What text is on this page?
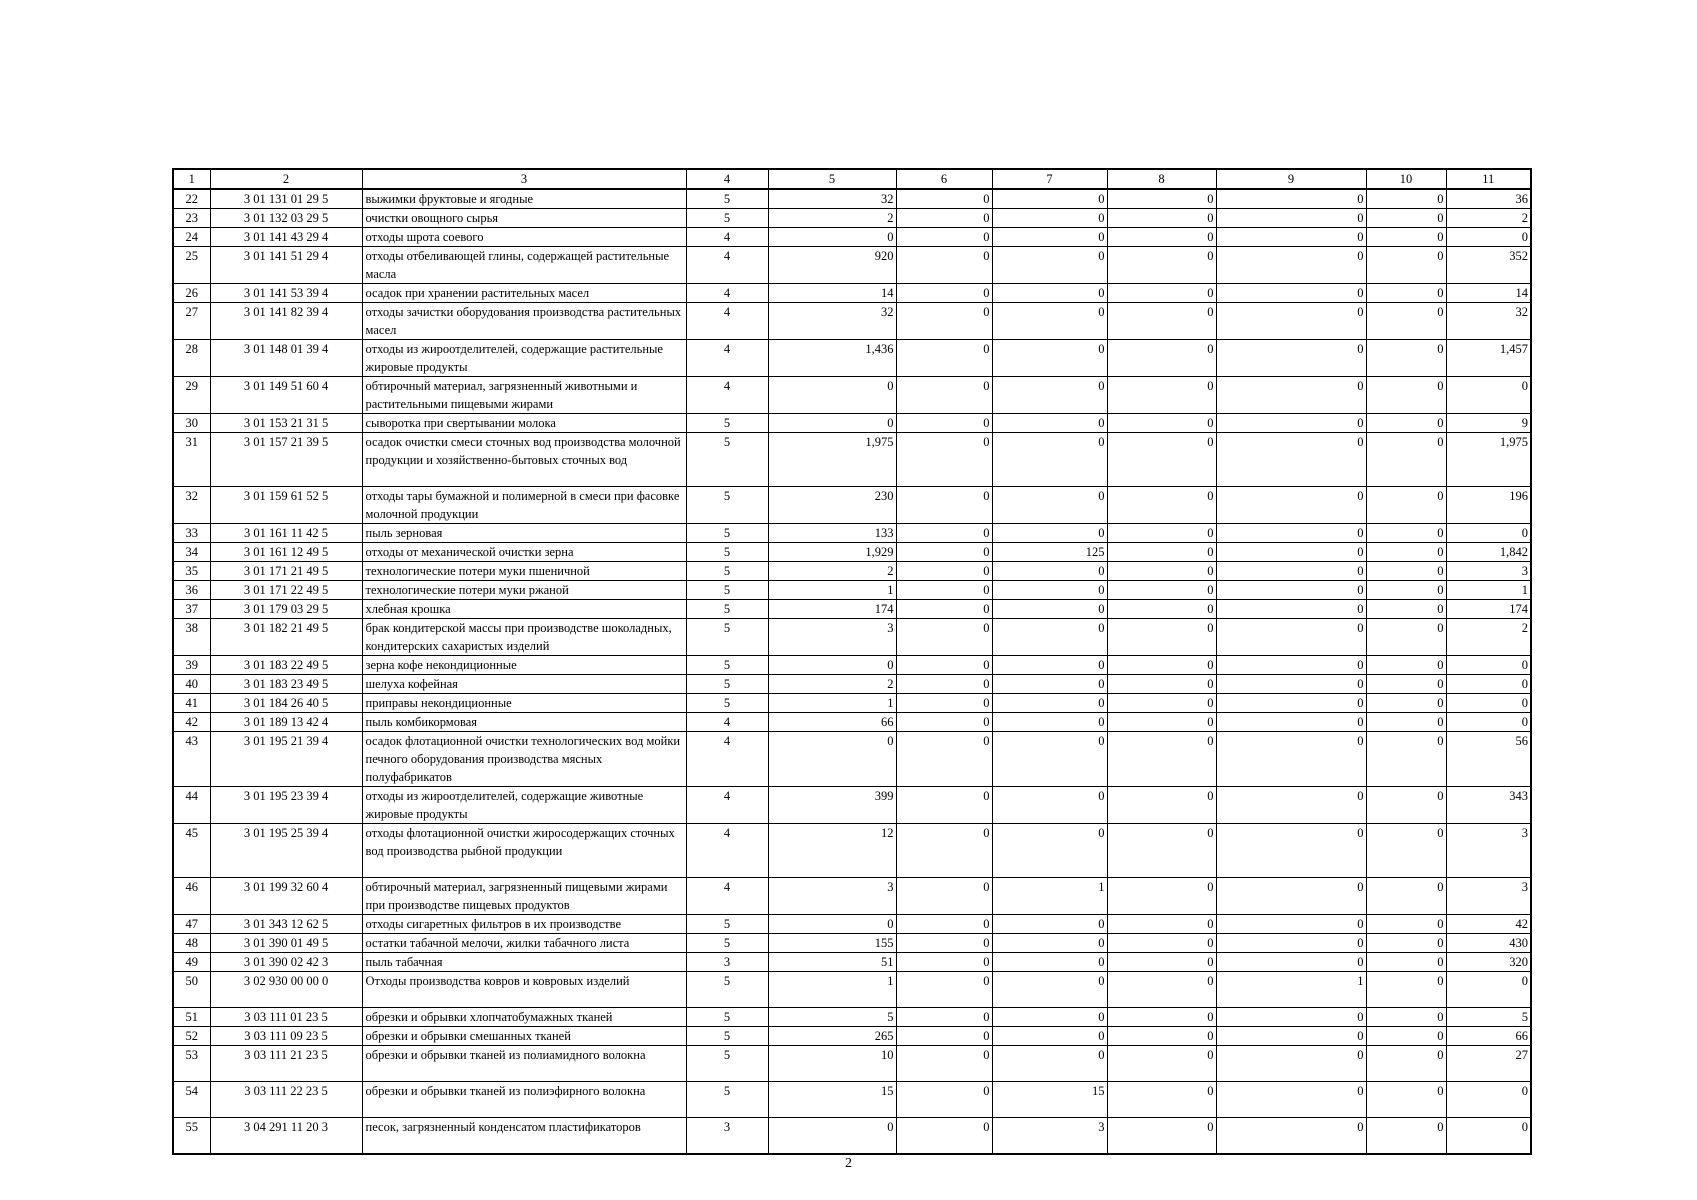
1	2	3	4	5	6	7	8	9	10	11
22	3 01 131 01 29 5	выжимки фруктовые и ягодные	5	32	0	0	0	0	0	36
23	3 01 132 03 29 5	очистки овощного сырья	5	2	0	0	0	0	0	2
24	3 01 141 43 29 4	отходы шрота соевого	4	0	0	0	0	0	0	0
25	3 01 141 51 29 4	отходы отбеливающей глины, содержащей растительные масла	4	920	0	0	0	0	0	352
26	3 01 141 53 39 4	осадок при хранении растительных масел	4	14	0	0	0	0	0	14
27	3 01 141 82 39 4	отходы зачистки оборудования производства растительных масел	4	32	0	0	0	0	0	32
28	3 01 148 01 39 4	отходы из жироотделителей, содержащие растительные жировые продукты	4	1,436	0	0	0	0	0	1,457
29	3 01 149 51 60 4	обтирочный материал, загрязненный животными и растительными пищевыми жирами	4	0	0	0	0	0	0	0
30	3 01 153 21 31 5	сыворотка при свертывании молока	5	0	0	0	0	0	0	9
31	3 01 157 21 39 5	осадок очистки смеси сточных вод производства молочной продукции и хозяйственно-бытовых сточных вод	5	1,975	0	0	0	0	0	1,975
32	3 01 159 61 52 5	отходы тары бумажной и полимерной в смеси при фасовке молочной продукции	5	230	0	0	0	0	0	196
33	3 01 161 11 42 5	пыль зерновая	5	133	0	0	0	0	0	0
34	3 01 161 12 49 5	отходы от механической очистки зерна	5	1,929	0	125	0	0	0	1,842
35	3 01 171 21 49 5	технологические потери муки пшеничной	5	2	0	0	0	0	0	3
36	3 01 171 22 49 5	технологические потери муки ржаной	5	1	0	0	0	0	0	1
37	3 01 179 03 29 5	хлебная крошка	5	174	0	0	0	0	0	174
38	3 01 182 21 49 5	брак кондитерской массы при производстве шоколадных, кондитерских сахаристых изделий	5	3	0	0	0	0	0	2
39	3 01 183 22 49 5	зерна кофе некондиционные	5	0	0	0	0	0	0	0
40	3 01 183 23 49 5	шелуха кофейная	5	2	0	0	0	0	0	0
41	3 01 184 26 40 5	приправы некондиционные	5	1	0	0	0	0	0	0
42	3 01 189 13 42 4	пыль комбикормовая	4	66	0	0	0	0	0	0
43	3 01 195 21 39 4	осадок флотационной очистки технологических вод мойки печного оборудования производства мясных полуфабрикатов	4	0	0	0	0	0	0	56
44	3 01 195 23 39 4	отходы из жироотделителей, содержащие животные жировые продукты	4	399	0	0	0	0	0	343
45	3 01 195 25 39 4	отходы флотационной очистки жиросодержащих сточных вод производства рыбной продукции	4	12	0	0	0	0	0	3
46	3 01 199 32 60 4	обтирочный материал, загрязненный пищевыми жирами при производстве пищевых продуктов	4	3	0	1	0	0	0	3
47	3 01 343 12 62 5	отходы сигаретных фильтров в их производстве	5	0	0	0	0	0	0	42
48	3 01 390 01 49 5	остатки табачной мелочи, жилки табачного листа	5	155	0	0	0	0	0	430
49	3 01 390 02 42 3	пыль табачная	3	51	0	0	0	0	0	320
50	3 02 930 00 00 0	Отходы производства ковров и ковровых изделий	5	1	0	0	0	1	0	0
51	3 03 111 01 23 5	обрезки и обрывки хлопчатобумажных тканей	5	5	0	0	0	0	0	5
52	3 03 111 09 23 5	обрезки и обрывки смешанных тканей	5	265	0	0	0	0	0	66
53	3 03 111 21 23 5	обрезки и обрывки тканей из полиамидного волокна	5	10	0	0	0	0	0	27
54	3 03 111 22 23 5	обрезки и обрывки тканей из полиэфирного волокна	5	15	0	15	0	0	0	0
55	3 04 291 11 20 3	песок, загрязненный конденсатом пластификаторов	3	0	0	3	0	0	0	0
2
